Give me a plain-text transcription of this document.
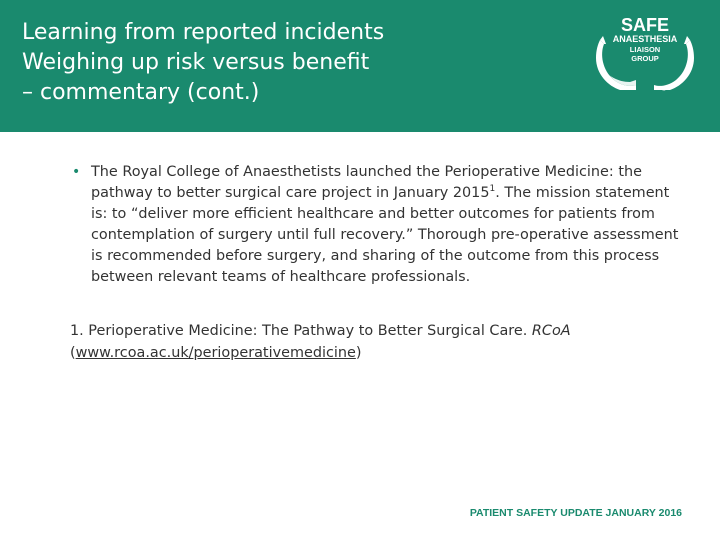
Learning from reported incidents
Weighing up risk versus benefit
– commentary (cont.)
SAFE
ANAESTHESIA
LIAISON
GROUP
®
• The Royal College of Anaesthetists launched the Perioperative Medicine: the pathway to better surgical care project in January 2015$^1$. The mission statement is: to “deliver more efficient healthcare and better outcomes for patients from contemplation of surgery until full recovery.” Thorough pre-operative assessment is recommended before surgery, and sharing of the outcome from this process between relevant teams of healthcare professionals.
1. Perioperative Medicine: The Pathway to Better Surgical Care. RCoA
(www.rcoa.ac.uk/perioperativemedicine)
PATIENT SAFETY UPDATE JANUARY 2016
